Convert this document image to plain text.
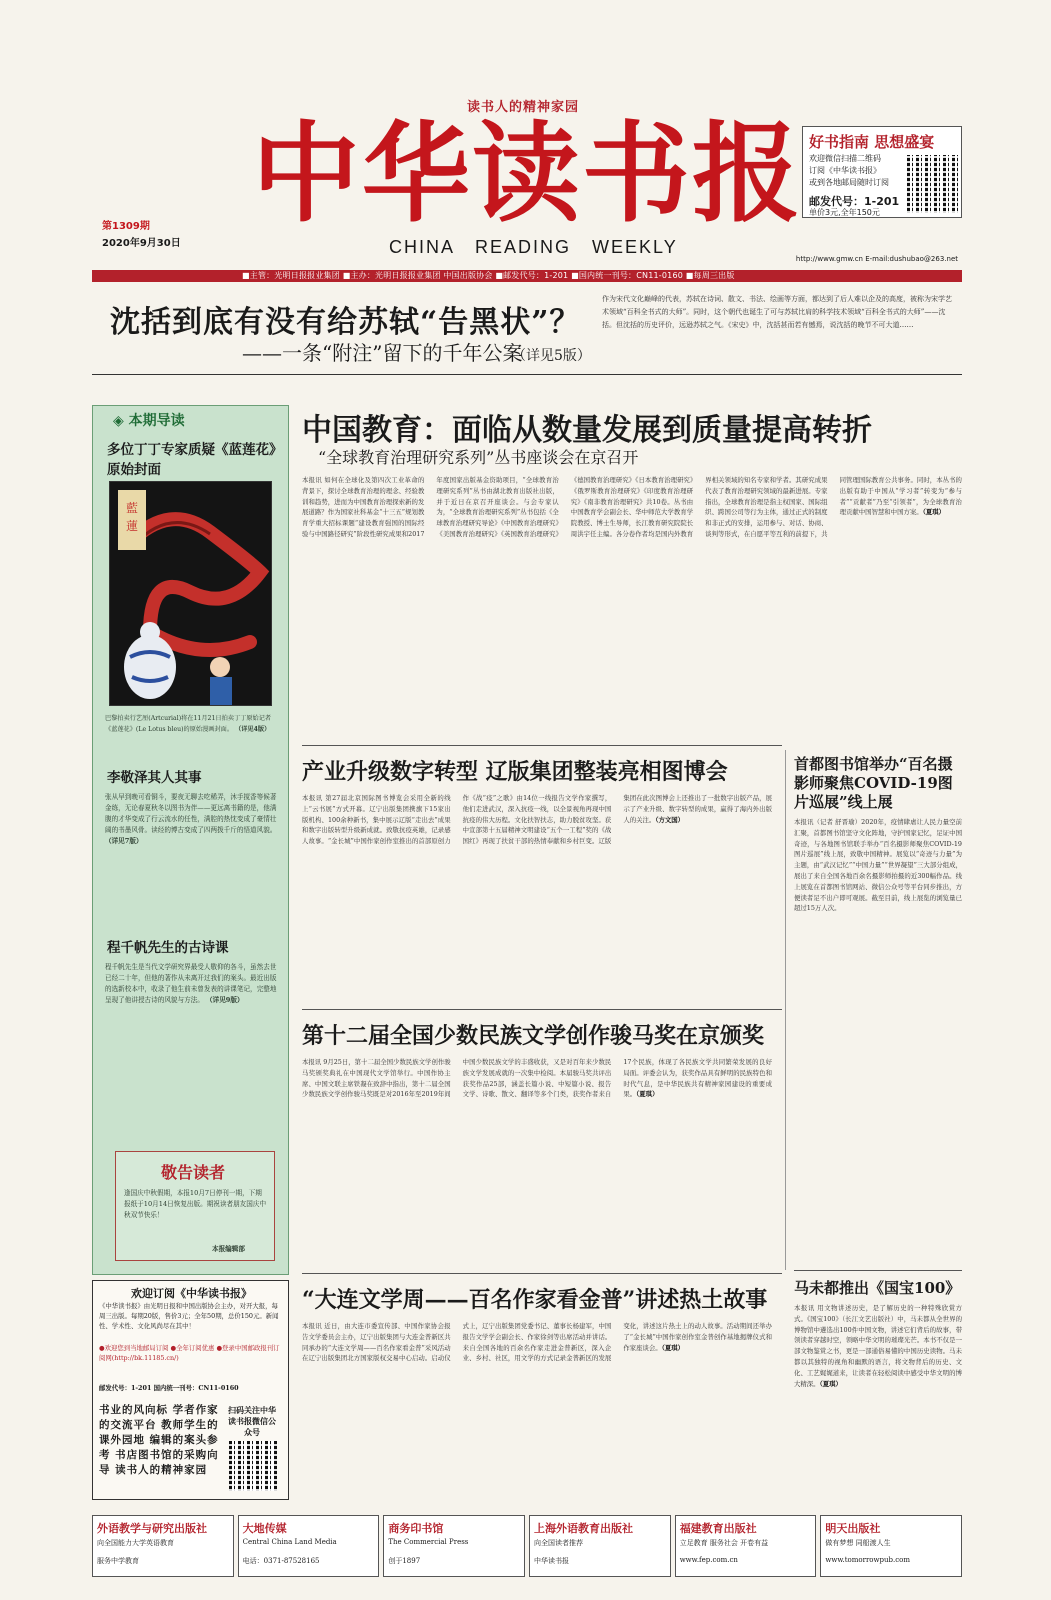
读书人的精神家园
中华读书报
CHINA READING WEEKLY
第1309期
2020年9月30日
http://www.gmw.cn E-mail:dushubao@263.net
好书指南 思想盛宴
欢迎微信扫描二维码
订阅《中华读书报》
或到各地邮局随时订阅
邮发代号：1-201
单价3元,全年150元
■主管：光明日报报业集团 ■主办：光明日报报业集团 中国出版协会 ■邮发代号：1-201 ■国内统一刊号：CN11-0160 ■每周三出版
沈括到底有没有给苏轼“告黑状”？
——一条“附注”留下的千年公案
（详见5版）
作为宋代文化巅峰的代表，苏轼在诗词、散文、书法、绘画等方面，都达到了后人难以企及的高度，被称为宋学艺术领域“百科全书式的大师”。同时，这个朝代也诞生了可与苏轼比肩的科学技术领域“百科全书式的大师”——沈括。但沈括的历史评价，远逊苏轼之气。《宋史》中，沈括甚而若有憾焉，说沈括的晚节不可大道……
◈ 本期导读
多位丁丁专家质疑《蓝莲花》原始封面
藍
蓮
巴黎拍卖行艺厘(Artcurial)将在11月21日拍卖丁丁原始记者《蓝莲花》(Le Lotus bleu)的原始漫画封面。 （详见4版）
李敬泽其人其事
张从早到晚可看铜斗，要夜无聊去吃稀弄，沐手搅香等候著金练，无论春夏秋冬以图书为伴——更远离书籍的是，他满腹的才华变成了行云流水的任性，满腔的热忱变成了豪情壮阔的书墨风骨。读经的博古变成了四两拨千斤的悟道风貌。 （详见7版）
程千帆先生的古诗课
程千帆先生是当代文学研究界最受人敬仰的各斗，虽然去世已经二十年，但他的著作从未离开过我们的案头。最近出版的选新校本中，收录了他生前未曾发表的讲课笔记，完整地呈现了他讲授古诗的风貌与方法。 （详见9版）
敬告读者
逢国庆中秋假期，本报10月7日停刊一期，下期报纸于10月14日恢复出版。期祝读者朋友国庆中秋双节快乐！
本报编辑部
欢迎订阅《中华读书报》
《中华读书报》由光明日报和中国出版协会主办，对开大报，每周三出版。每期20版，售价3元；全年50期，总价150元。新闻性、学术性、文化风尚尽在其中！
●欢迎您到当地邮局订阅 ●全年订阅优惠 ●登录中国邮政报刊订阅网(http://bk.11185.cn/)
邮发代号：1-201 国内统一刊号：CN11-0160
书业的风向标 学者作家的交流平台 教师学生的课外园地 编辑的案头参考 书店图书馆的采购向导 读书人的精神家园
扫码关注中华读书报微信公众号
中国教育：面临从数量发展到质量提高转折
“全球教育治理研究系列”丛书座谈会在京召开
本报讯 如何在全球化及第四次工业革命的背景下，探讨全球教育治理的理念、经验教训和趋势，进而为中国教育治理探索新的发展道路？作为国家社科基金“十三五”规划教育学重大招标课题“建设教育强国的国际经验与中国路径研究”阶段性研究成果和2017年度国家出版基金资助项目，“全球教育治理研究系列”丛书由湖北教育出版社出版，并于近日在京召开座谈会。与会专家认为，“全球教育治理研究系列”丛书包括《全球教育治理研究导论》《中国教育治理研究》《美国教育治理研究》《英国教育治理研究》《德国教育治理研究》《日本教育治理研究》《俄罗斯教育治理研究》《印度教育治理研究》《南非教育治理研究》共10卷。丛书由中国教育学会副会长、华中师范大学教育学院教授、博士生导师，长江教育研究院院长周洪宇任主编。各分卷作者均是国内外教育界相关领域的知名专家和学者。其研究成果代表了教育治理研究领域的最新进展。专家指出，全球教育治理是指主权国家、国际组织、跨国公司等行为主体，通过正式的制度和非正式的安排，运用参与、对话、协商、谈判等形式，在自愿平等互利的前提下，共同管理国际教育公共事务。同时，本丛书的出版有助于中国从“学习者”转变为“参与者”“贡献者”乃至“引领者”，为全球教育治理贡献中国智慧和中国方案。（夏琪）
产业升级数字转型 辽版集团整装亮相图博会
本报讯 第27届北京国际图书博览会采用全新的线上“云书展”方式开幕。辽宁出版集团携旗下15家出版机构、100余种新书，集中展示辽版“走出去”成果和数字出版转型升级新成就。致敬抗疫英雄，记录感人故事。“金长城”中国作家创作室推出的首部原创力作《战“疫”之歌》由14位一线报告文学作家撰写，他们走进武汉，深入抗疫一线，以全景视角再现中国抗疫的伟大历程。文化扶智扶志，助力脱贫攻坚。获中宣部第十五届精神文明建设“五个一工程”奖的《战国红》再现了扶贫干部的热情奉献和乡村巨变。辽版集团在此次图博会上还推出了一批数字出版产品，展示了产业升级、数字转型的成果，赢得了海内外出版人的关注。（方文国）
首都图书馆举办“百名摄影师聚焦COVID-19图片巡展”线上展
本报讯（记者 舒晋瑜）2020年，疫情肆虐让人民力量空前汇聚，首都图书馆坚守文化阵地，守护国家记忆，足证中国奇迹，与各地图书馆联手举办“百名摄影师聚焦COVID-19图片巡展”线上展，致敬中国精神。展览以“奇迹与力量”为主题，由“武汉记忆”“中国力量”“世界凝望”三大部分组成，展出了来自全国各地百余名摄影师拍摄的近300幅作品。线上展览在首都图书馆网站、微信公众号等平台同步推出，方便读者足不出户即可观展。截至目前，线上展览的浏览量已超过15万人次。
第十二届全国少数民族文学创作骏马奖在京颁奖
本报讯 9月25日，第十二届全国少数民族文学创作骏马奖颁奖典礼在中国现代文学馆举行。中国作协主席、中国文联主席铁凝在致辞中指出，第十二届全国少数民族文学创作骏马奖既是对2016年至2019年间中国少数民族文学的丰盛收获，又是对百年来少数民族文学发展成就的一次集中检阅。本届骏马奖共评出获奖作品25部，涵盖长篇小说、中短篇小说、报告文学、诗歌、散文、翻译等多个门类，获奖作者来自17个民族，体现了各民族文学共同繁荣发展的良好局面。评委会认为，获奖作品具有鲜明的民族特色和时代气息，是中华民族共有精神家园建设的重要成果。（夏琪）
马未都推出《国宝100》
本报讯 用文物讲述历史，是了解历史的一种特殊欣赏方式。《国宝100》（长江文艺出版社）中，马未都从全世界的博物馆中遴选出100件中国文物，讲述它们背后的故事，带领读者穿越时空，领略中华文明的璀璨光芒。本书不仅是一部文物鉴赏之书，更是一部通俗易懂的中国历史读物。马未都以其独特的视角和幽默的语言，将文物背后的历史、文化、工艺娓娓道来，让读者在轻松阅读中感受中华文明的博大精深。（夏琪）
“大连文学周——百名作家看金普”讲述热土故事
本报讯 近日，由大连市委宣传部、中国作家协会报告文学委员会主办，辽宁出版集团与大连金普新区共同承办的“大连文学周——百名作家看金普”采风活动在辽宁出版集团北方国家版权交易中心启动。启动仪式上，辽宁出版集团党委书记、董事长杨建军，中国报告文学学会副会长、作家徐剑等出席活动并讲话。来自全国各地的百余名作家走进金普新区，深入企业、乡村、社区，用文学的方式记录金普新区的发展变化，讲述这片热土上的动人故事。活动期间还举办了“金长城”中国作家创作室金普创作基地揭牌仪式和作家座谈会。（夏琪）
外语教学与研究出版社
向全国能力大学英语教育
服务中学教育
大地传媒
Central China Land Media
电话：0371-87528165
商务印书馆
The Commercial Press
创于1897
上海外语教育出版社
向全国读者推荐
中华读书报
福建教育出版社
立足教育 服务社会 开卷有益
www.fep.com.cn
明天出版社
做有梦想 同船渡人生
www.tomorrowpub.com
